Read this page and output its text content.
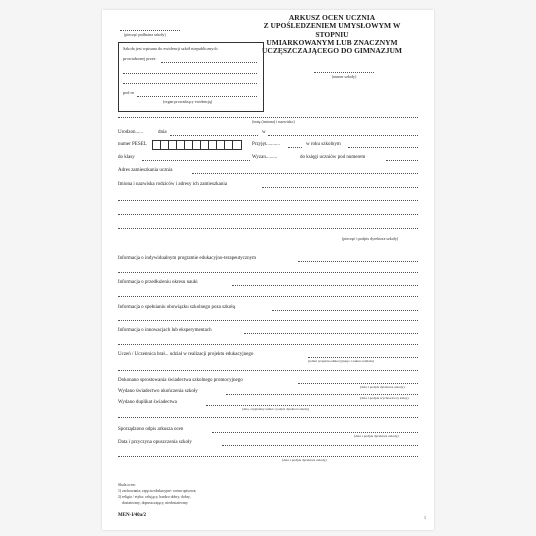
(pieczęć podłużna szkoły)
ARKUSZ OCEN UCZNIA
Z UPOŚLEDZENIEM UMYSŁOWYM W STOPNIU
UMIARKOWANYM LUB ZNACZNYM
UCZĘSZCZAJĄCEGO DO GIMNAZJUM
(numer szkoły)
Szkoła jest wpisana do ewidencji szkół niepublicznych
prowadzonej przez
pod nr
(organ prowadzący ewidencję)
(imię (imiona) i nazwisko)
Urodzon......	dnia	w
numer PESEL	Przyjęt...........	w roku szkolnym
do klasy	Wyzan.........	do księgi uczniów pod numerem
Adres zamieszkania ucznia
Imiona i nazwiska rodziców i adresy ich zamieszkania
(pieczęć i podpis dyrektora szkoły)
Informacja o indywidualnym programie edukacyjno-terapeutycznym
Informacja o przedłużeniu okresu nauki
Informacja o spełnianiu obowiązku szkolnego poza szkołą
Informacja o innowacjach lub eksperymentach
Uczeń / Uczennica brał... udział w realizacji projektu edukacyjnego
(temat projektu edukacyjnego i zakres udziału)
Dokonano sprostowania świadectwa szkolnego promocyjnego
(data i podpis dyrektora szkoły)
Wydano świadectwo ukończenia szkoły
(data i podpis wychowawcy klasy)
Wydano duplikat świadectwa
(data, oryginalny numer i podpis dyrektora szkoły)
Sporządzono odpis arkusza ocen
(data i podpis dyrektora szkoły)
Data i przyczyna opuszczenia szkoły
(data i podpis dyrektora szkoły)
Skala ocen:
1) zachowania; zajęcia edukacyjne: ocena opisowa;
2) religia / etyka: celujący, bardzo dobry, dobry,
dostateczny, dopuszczający, niedostateczny
MEN-I/40a/2	1
